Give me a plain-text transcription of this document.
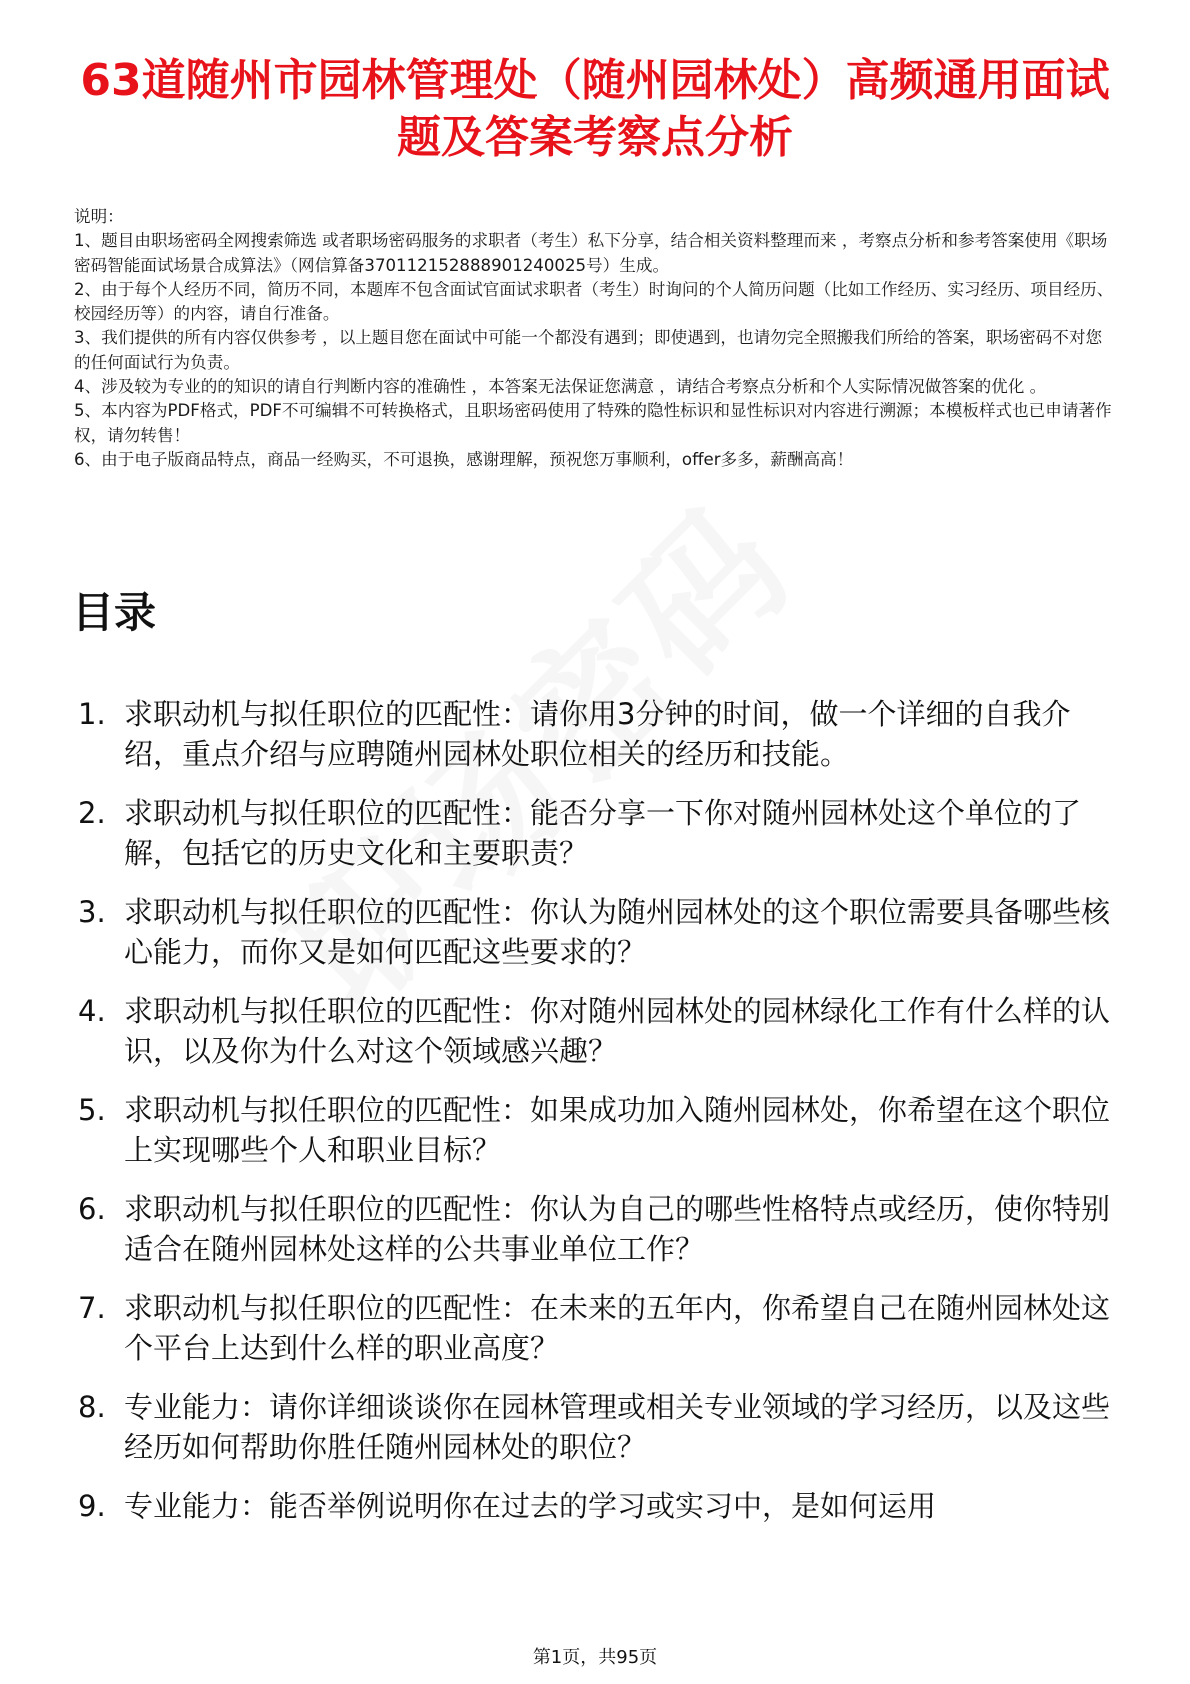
63道随州市园林管理处（随州园林处）高频通用面试题及答案考察点分析
说明：
1、题目由职场密码全网搜索筛选 或者职场密码服务的求职者（考生）私下分享，结合相关资料整理而来 ，考察点分析和参考答案使用《职场密码智能面试场景合成算法》（网信算备370112152888901240025号）生成。
2、由于每个人经历不同，简历不同，本题库不包含面试官面试求职者（考生）时询问的个人简历问题（比如工作经历、实习经历、项目经历、校园经历等）的内容，请自行准备。
3、我们提供的所有内容仅供参考 ，以上题目您在面试中可能一个都没有遇到；即使遇到，也请勿完全照搬我们所给的答案，职场密码不对您的任何面试行为负责。
4、涉及较为专业的的知识的请自行判断内容的准确性 ，本答案无法保证您满意 ，请结合考察点分析和个人实际情况做答案的优化 。
5、本内容为PDF格式，PDF不可编辑不可转换格式，且职场密码使用了特殊的隐性标识和显性标识对内容进行溯源；本模板样式也已申请著作权，请勿转售！
6、由于电子版商品特点，商品一经购买，不可退换，感谢理解，预祝您万事顺利，offer多多，薪酬高高！
目录
1. 求职动机与拟任职位的匹配性：请你用3分钟的时间，做一个详细的自我介绍，重点介绍与应聘随州园林处职位相关的经历和技能。
2. 求职动机与拟任职位的匹配性：能否分享一下你对随州园林处这个单位的了解，包括它的历史文化和主要职责？
3. 求职动机与拟任职位的匹配性：你认为随州园林处的这个职位需要具备哪些核心能力，而你又是如何匹配这些要求的？
4. 求职动机与拟任职位的匹配性：你对随州园林处的园林绿化工作有什么样的认识，以及你为什么对这个领域感兴趣？
5. 求职动机与拟任职位的匹配性：如果成功加入随州园林处，你希望在这个职位上实现哪些个人和职业目标？
6. 求职动机与拟任职位的匹配性：你认为自己的哪些性格特点或经历，使你特别适合在随州园林处这样的公共事业单位工作？
7. 求职动机与拟任职位的匹配性：在未来的五年内，你希望自己在随州园林处这个平台上达到什么样的职业高度？
8. 专业能力：请你详细谈谈你在园林管理或相关专业领域的学习经历，以及这些经历如何帮助你胜任随州园林处的职位？
9. 专业能力：能否举例说明你在过去的学习或实习中，是如何运用
第1页，共95页
